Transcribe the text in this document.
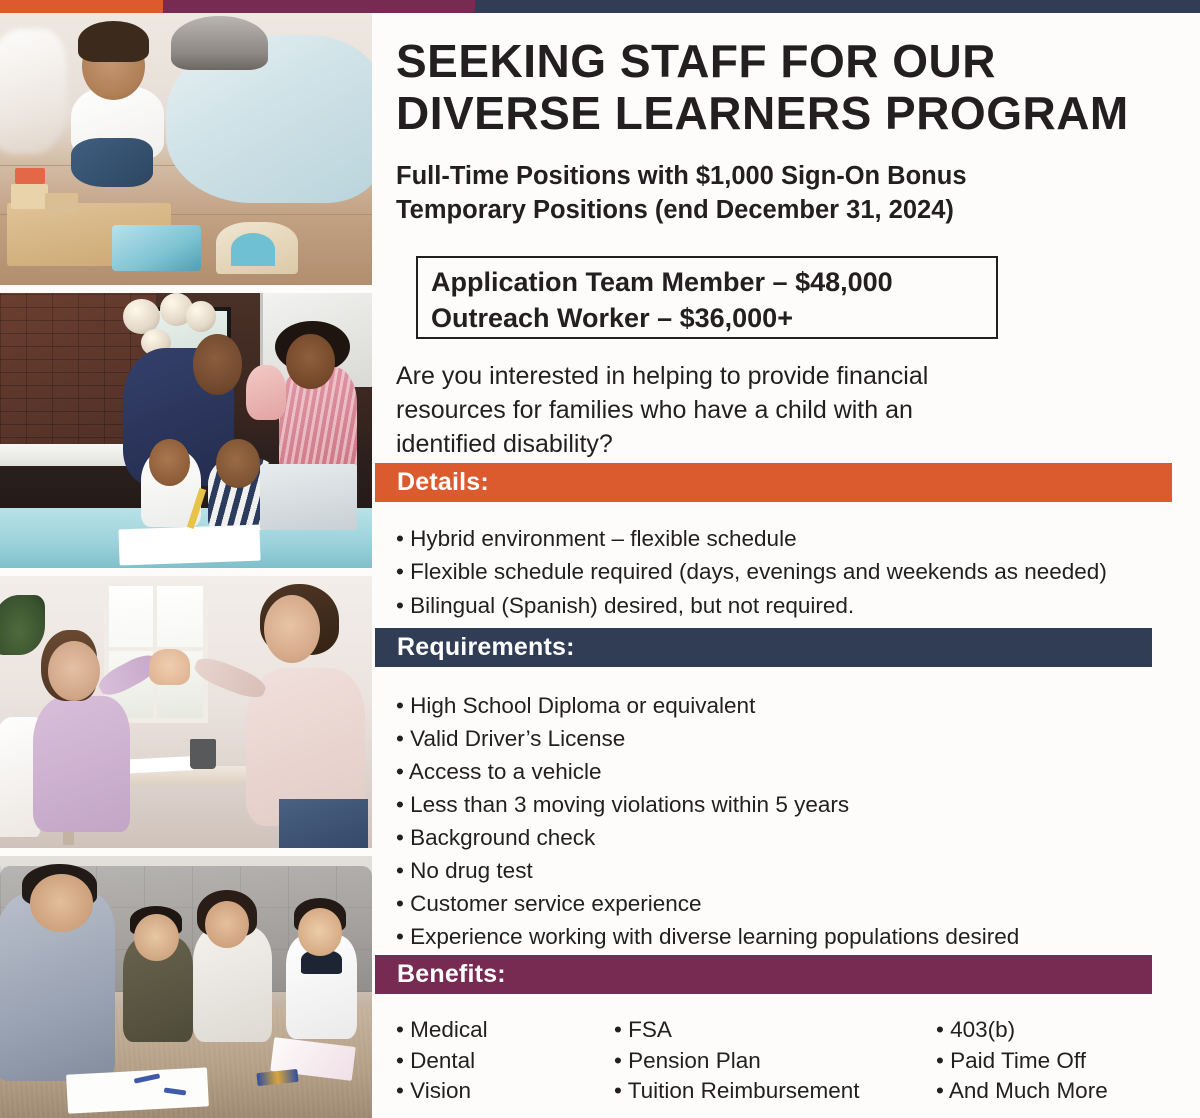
SEEKING STAFF FOR OUR
DIVERSE LEARNERS PROGRAM
Full-Time Positions with $1,000 Sign-On Bonus
Temporary Positions (end December 31, 2024)
Application Team Member – $48,000
Outreach Worker – $36,000+

Are you interested in helping to provide financial
resources for families who have a child with an
identified disability?

Details:
• Hybrid environment – flexible schedule
• Flexible schedule required (days, evenings and weekends as needed)
• Bilingual (Spanish) desired, but not required.
Requirements:
• High School Diploma or equivalent
• Valid Driver’s License
• Access to a vehicle
• Less than 3 moving violations within 5 years
• Background check
• No drug test
• Customer service experience
• Experience working with diverse learning populations desired
Benefits:
• Medical
• Dental
• Vision
• FSA
• Pension Plan
• Tuition Reimbursement
• 403(b)
• Paid Time Off
• And Much More
